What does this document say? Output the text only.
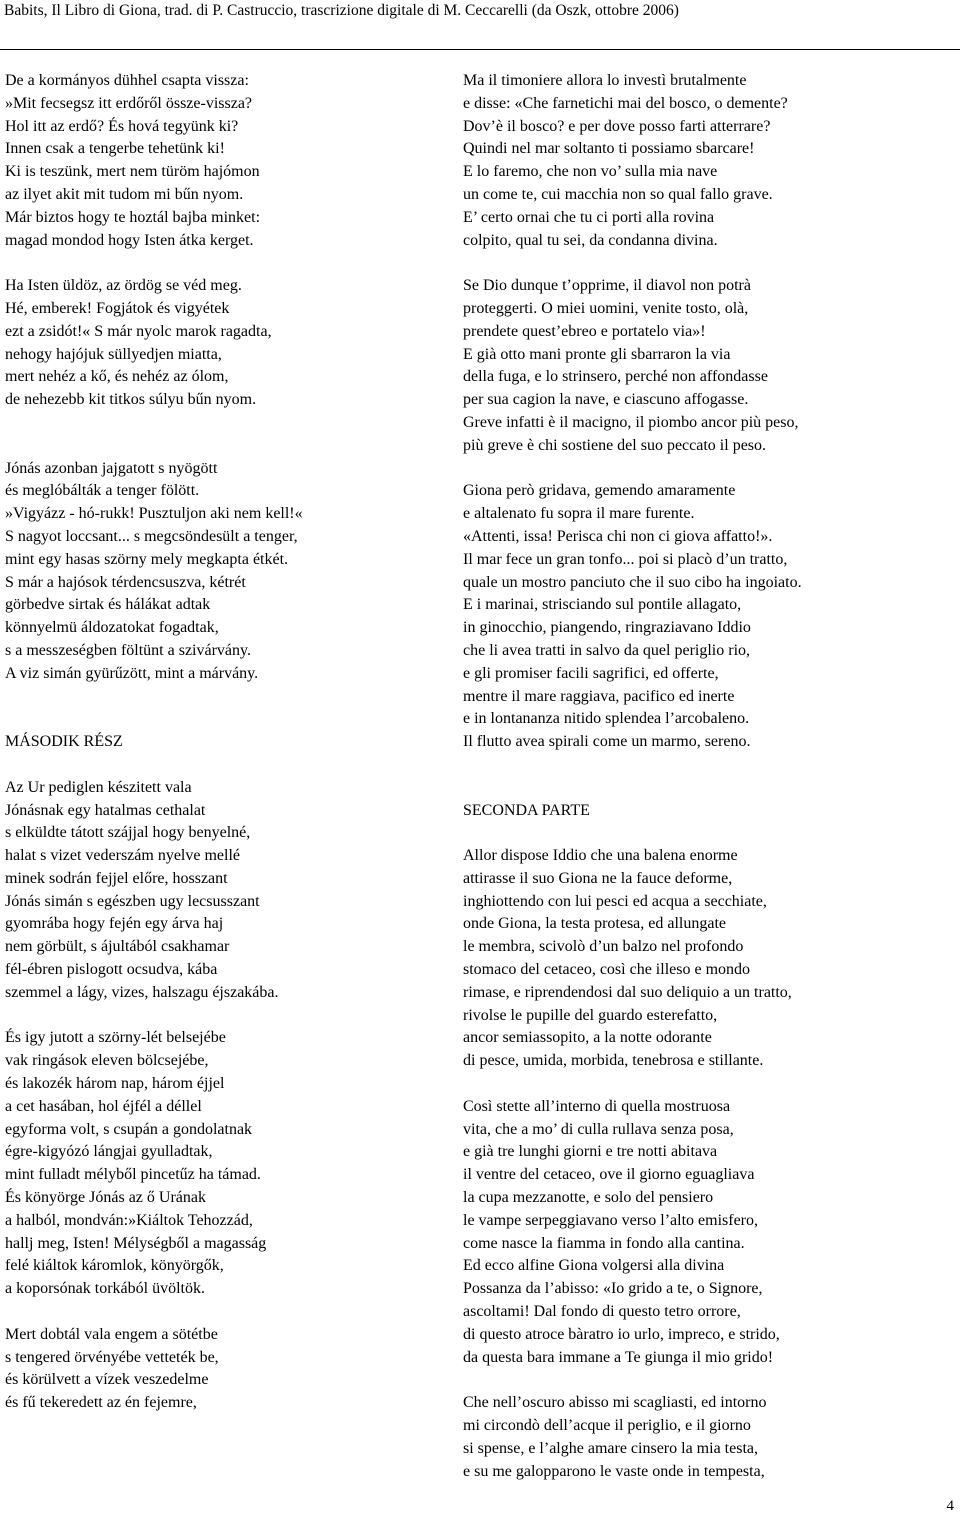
Babits, Il Libro di Giona, trad. di P. Castruccio, trascrizione digitale di M. Ceccarelli (da Oszk, ottobre 2006)
De a kormányos dühhel csapta vissza:
»Mit fecsegsz itt erdőről össze-vissza?
Hol itt az erdő? És hová tegyünk ki?
Innen csak a tengerbe tehetünk ki!
Ki is teszünk, mert nem türöm hajómon
az ilyet akit mit tudom mi bűn nyom.
Már biztos hogy te hoztál bajba minket:
magad mondod hogy Isten átka kerget.
Ha Isten üldöz, az ördög se véd meg.
Hé, emberek! Fogjátok és vigyétek
ezt a zsidót!« S már nyolc marok ragadta,
nehogy hajójuk süllyedjen miatta,
mert nehéz a kő, és nehéz az ólom,
de nehezebb kit titkos súlyu bűn nyom.
Jónás azonban jajgatott s nyögött
és meglóbálták a tenger fölött.
»Vigyázz - hó-rukk! Pusztuljon aki nem kell!«
S nagyot loccsant... s megcsöndesült a tenger,
mint egy hasas szörny mely megkapta étkét.
S már a hajósok térdencsuszva, kétrét
görbedve sirtak és hálákat adtak
könnyelmü áldozatokat fogadtak,
s a messzeségben föltünt a szivárvány.
A viz simán gyürűzött, mint a márvány.
MÁSODIK RÉSZ
Az Ur pediglen készitett vala
Jónásnak egy hatalmas cethalat
s elküldte tátott szájjal hogy benyelné,
halat s vizet vederszám nyelve mellé
minek sodrán fejjel előre, hosszant
Jónás simán s egészben ugy lecsusszant
gyomrába hogy fején egy árva haj
nem görbült, s ájultából csakhamar
fél-ébren pislogott ocsudva, kába
szemmel a lágy, vizes, halszagu éjszakába.
És igy jutott a szörny-lét belsejébe
vak ringások eleven bölcsejébe,
és lakozék három nap, három éjjel
a cet hasában, hol éjfél a déllel
egyforma volt, s csupán a gondolatnak
égre-kigyózó lángjai gyulladtak,
mint fulladt mélyből pincetűz ha támad.
És könyörge Jónás az ő Urának
a halból, mondván:»Kiáltok Tehozzád,
hallj meg, Isten! Mélységből a magasság
felé kiáltok káromlok, könyörgők,
a koporsónak torkából üvöltök.
Mert dobtál vala engem a sötétbe
s tengered örvényébe vetteték be,
és körülvett a vízek veszedelme
és fű tekeredett az én fejemre,
Ma il timoniere allora lo investì brutalmente
e disse: «Che farnetichi mai del bosco, o demente?
Dov’è il bosco? e per dove posso farti atterrare?
Quindi nel mar soltanto ti possiamo sbarcare!
E lo faremo, che non vo’ sulla mia nave
un come te, cui macchia non so qual fallo grave.
E’ certo ornai che tu ci porti alla rovina
colpito, qual tu sei, da condanna divina.
Se Dio dunque t’opprime, il diavol non potrà
proteggerti. O miei uomini, venite tosto, olà,
prendete quest’ebreo e portatelo via»!
E già otto mani pronte gli sbarraron la via
della fuga, e lo strinsero, perché non affondasse
per sua cagion la nave, e ciascuno affogasse.
Greve infatti è il macigno, il piombo ancor più peso,
più greve è chi sostiene del suo peccato il peso.
Giona però gridava, gemendo amaramente
e altalenato fu sopra il mare furente.
«Attenti, issa! Perisca chi non ci giova affatto!».
Il mar fece un gran tonfo... poi si placò d’un tratto,
quale un mostro panciuto che il suo cibo ha ingoiato.
E i marinai, strisciando sul pontile allagato,
in ginocchio, piangendo, ringraziavano Iddio
che li avea tratti in salvo da quel periglio rio,
e gli promiser facili sagrifici, ed offerte,
mentre il mare raggiava, pacifico ed inerte
e in lontananza nitido splendea l’arcobaleno.
Il flutto avea spirali come un marmo, sereno.
SECONDA PARTE
Allor dispose Iddio che una balena enorme
attirasse il suo Giona ne la fauce deforme,
inghiottendo con lui pesci ed acqua a secchiate,
onde Giona, la testa protesa, ed allungate
le membra, scivolò d’un balzo nel profondo
stomaco del cetaceo, così che illeso e mondo
rimase, e riprendendosi dal suo deliquio a un tratto,
rivolse le pupille del guardo esterefatto,
ancor semiassopito, a la notte odorante
di pesce, umida, morbida, tenebrosa e stillante.
Così stette all’interno di quella mostruosa
vita, che a mo’ di culla rullava senza posa,
e già tre lunghi giorni e tre notti abitava
il ventre del cetaceo, ove il giorno eguagliava
la cupa mezzanotte, e solo del pensiero
le vampe serpeggiavano verso l’alto emisfero,
come nasce la fiamma in fondo alla cantina.
Ed ecco alfine Giona volgersi alla divina
Possanza da l’abisso: «Io grido a te, o Signore,
ascoltami! Dal fondo di questo tetro orrore,
di questo atroce bàratro io urlo, impreco, e strido,
da questa bara immane a Te giunga il mio grido!
Che nell’oscuro abisso mi scagliasti, ed intorno
mi circondò dell’acque il periglio, e il giorno
si spense, e l’alghe amare cinsero la mia testa,
e su me galopparono le vaste onde in tempesta,
4
